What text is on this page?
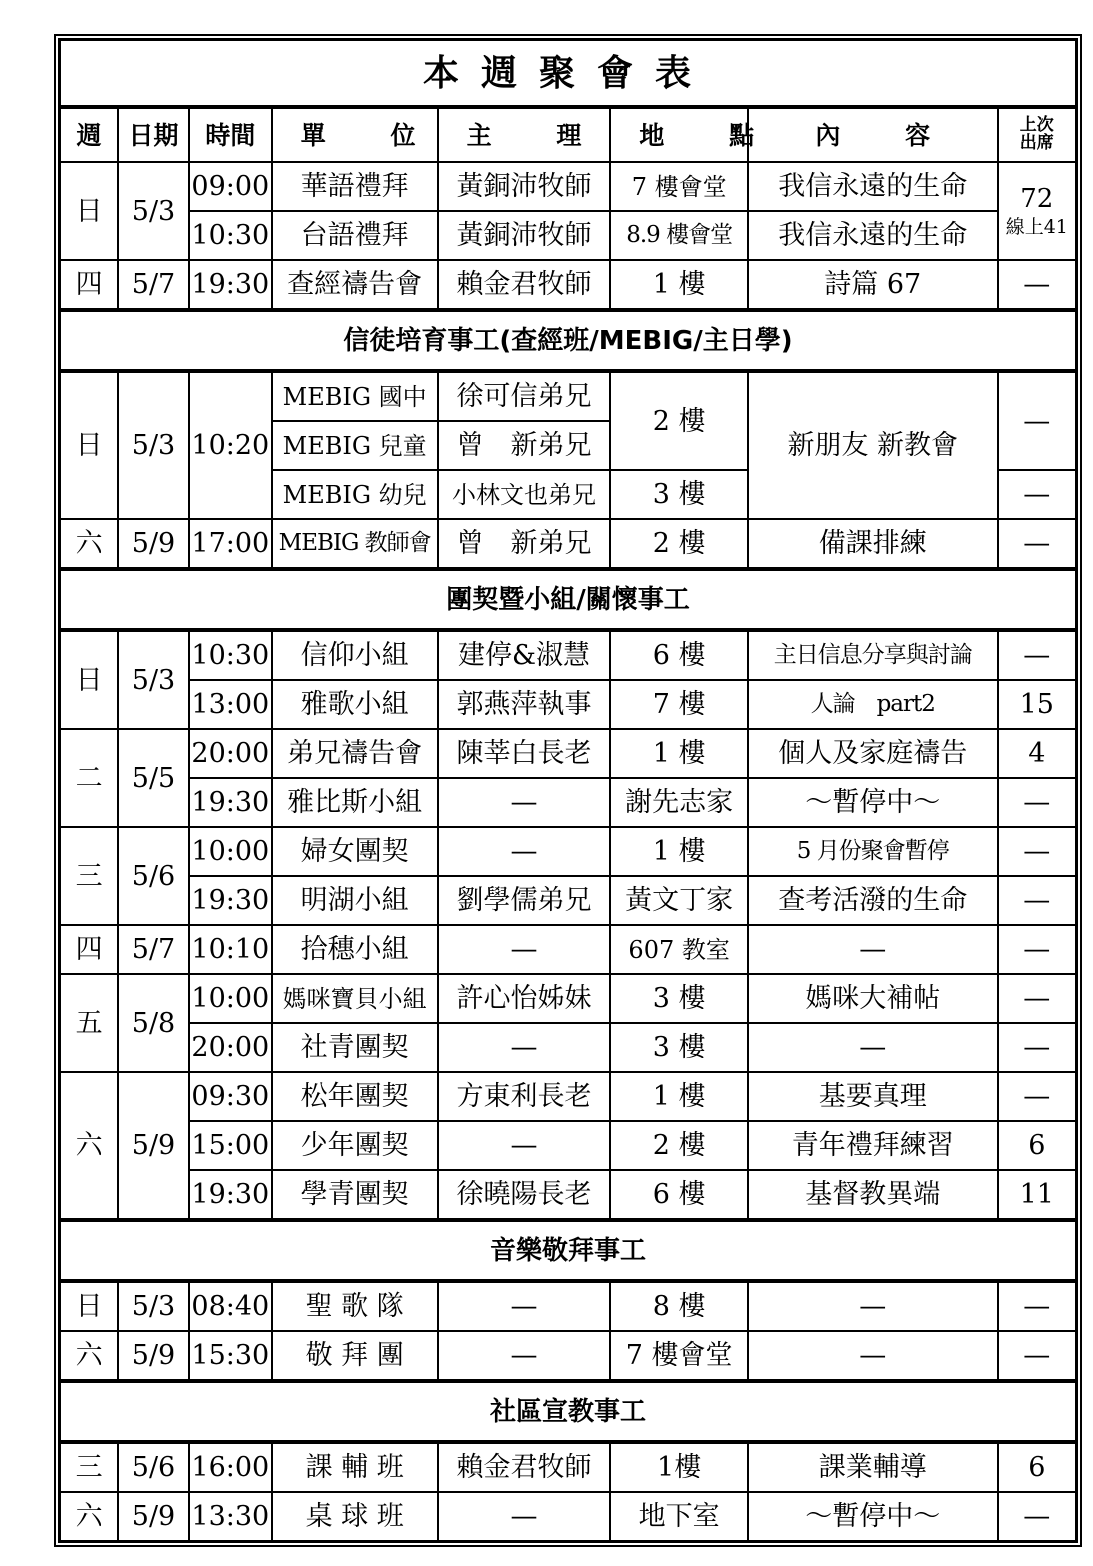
本週聚會表							
週	日期	時間	單 位	主 理	地 點	內 容	上次出席
日	5/3	09:00	華語禮拜	黃銅沛牧師	7 樓會堂	我信永遠的生命	72
線上41

		10:30	台語禮拜	黃銅沛牧師	8.9 樓會堂	我信永遠的生命	
四	5/7	19:30	查經禱告會	賴金君牧師	1 樓	詩篇 67	—
信徒培育事工(查經班/MEBIG/主日學)							
日	5/3	10:20	MEBIG 國中	徐可信弟兄	2 樓	新朋友 新教會	—
			MEBIG 兒童	曾　新弟兄			
			MEBIG 幼兒	小林文也弟兄	3 樓		—
六	5/9	17:00	MEBIG 教師會	曾　新弟兄	2 樓	備課排練	—
團契暨小組/關懷事工							
日	5/3	10:30	信仰小組	建停&淑慧	6 樓	主日信息分享與討論	—
		13:00	雅歌小組	郭燕萍執事	7 樓	人論　part2	15
二	5/5	20:00	弟兄禱告會	陳莘白長老	1 樓	個人及家庭禱告	4
		19:30	雅比斯小組	—	謝先志家	～暫停中～	—
三	5/6	10:00	婦女團契	—	1 樓	5 月份聚會暫停	—
		19:30	明湖小組	劉學儒弟兄	黃文丁家	查考活潑的生命	—
四	5/7	10:10	拾穗小組	—	607 教室	—	—
五	5/8	10:00	媽咪寶貝小組	許心怡姊妹	3 樓	媽咪大補帖	—
		20:00	社青團契	—	3 樓	—	—
六	5/9	09:30	松年團契	方東利長老	1 樓	基要真理	—
		15:00	少年團契	—	2 樓	青年禮拜練習	6
		19:30	學青團契	徐曉陽長老	6 樓	基督教異端	11
音樂敬拜事工							
日	5/3	08:40	聖 歌 隊	—	8 樓	—	—
六	5/9	15:30	敬 拜 團	—	7 樓會堂	—	—
社區宣教事工							
三	5/6	16:00	課 輔 班	賴金君牧師	1樓	課業輔導	6
六	5/9	13:30	桌 球 班	—	地下室	～暫停中～	—
